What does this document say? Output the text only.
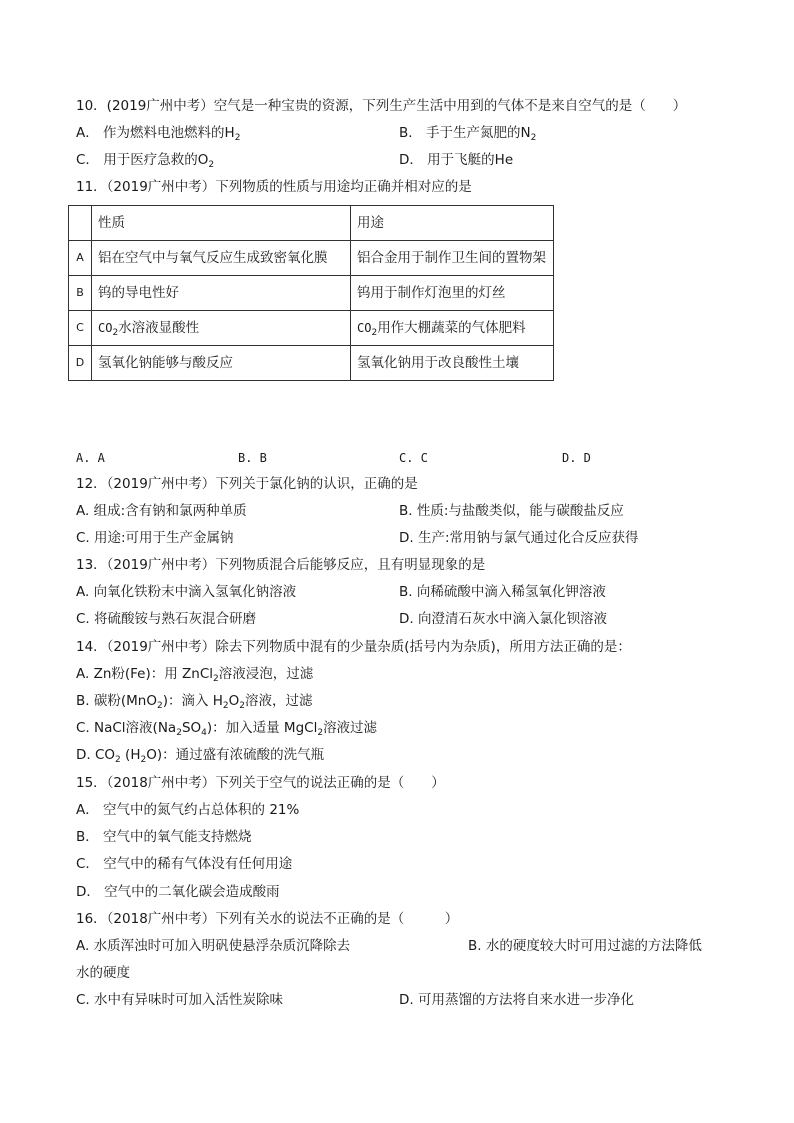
10．(2019广州中考）空气是一种宝贵的资源，下列生产生活中用到的气体不是来自空气的是（　　）
A． 作为燃料电池燃料的$H_2$	B． 手于生产氮肥的$N_2$
C． 用于医疗急救的$O_2$	D． 用于飞艇的He
11．（2019广州中考）下列物质的性质与用途均正确并相对应的是
	性质	用途
A	铝在空气中与氧气反应生成致密氧化膜	铝合金用于制作卫生间的置物架
B	钨的导电性好	钨用于制作灯泡里的灯丝
C	$CO_2$水溶液显酸性	$CO_2$用作大棚蔬菜的气体肥料
D	氢氧化钠能够与酸反应	氢氧化钠用于改良酸性土壤
A. A	B. B	C. C	D. D
12．（2019广州中考）下列关于氯化钠的认识，正确的是
A. 组成:含有钠和氯两种单质	B. 性质:与盐酸类似，能与碳酸盐反应
C. 用途:可用于生产金属钠	D. 生产:常用钠与氯气通过化合反应获得
13．（2019广州中考）下列物质混合后能够反应，且有明显现象的是
A. 向氧化铁粉末中滴入氢氧化钠溶液	B. 向稀硫酸中滴入稀氢氧化钾溶液
C. 将硫酸铵与熟石灰混合研磨	D. 向澄清石灰水中滴入氯化钡溶液
14．（2019广州中考）除去下列物质中混有的少量杂质(括号内为杂质)，所用方法正确的是：
A. Zn粉(Fe)：用 ZnCl$_2$溶液浸泡，过滤
B. 碳粉(MnO$_2$)：滴入 $H_2O_2$溶液，过滤
C. NaCl溶液$(Na_2SO_4)$：加入适量 MgCl$_2$溶液过滤
D. $CO_2$ $(H_2O)$：通过盛有浓硫酸的洗气瓶
15．（2018广州中考）下列关于空气的说法正确的是（　　）
A． 空气中的氮气约占总体积的 21%
B． 空气中的氧气能支持燃烧
C． 空气中的稀有气体没有任何用途
D． 空气中的二氧化碳会造成酸雨
16．（2018广州中考）下列有关水的说法不正确的是（　　　）
A. 水质浑浊时可加入明矾使悬浮杂质沉降除去	B. 水的硬度较大时可用过滤的方法降低
水的硬度
C. 水中有异味时可加入活性炭除味	D. 可用蒸馏的方法将自来水进一步净化
